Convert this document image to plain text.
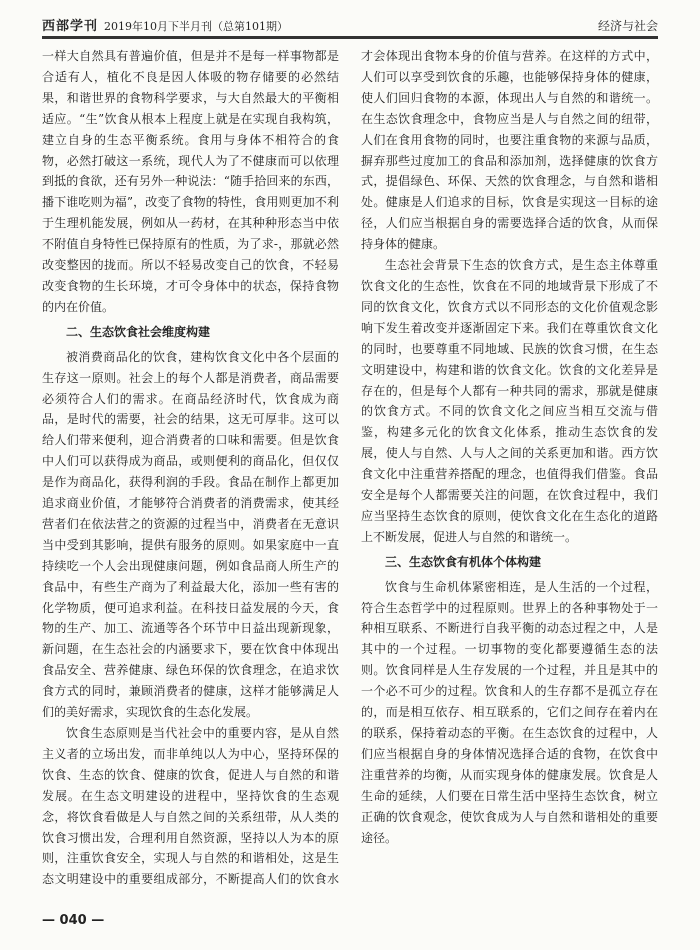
西部学刊 2019年10月下半月刊（总第101期）	经济与社会

一样大自然具有普遍价值，但是并不是每一样事物都是合适有人，植化不良是因人体吸的物存储要的必然结果，和谐世界的食物科学要求，与大自然最大的平衡相适应。“生”饮食从根本上程度上就是在实现自我构筑，建立自身的生态平衡系统。食用与身体不相符合的食物，必然打破这一系统，现代人为了不健康而可以依理到抵的食欲，还有另外一种说法：“随手拾回来的东西，播下谁吃则为福”，改变了食物的特性，食用则更加不利于生理机能发展，例如从一药材，在其种种形态当中依不附值自身特性已保持原有的性质，为了求-，那就必然改变整因的拢而。所以不轻易改变自己的饮食，不轻易改变食物的生长环境，才可令身体中的状态，保持食物的内在价值。

二、生态饮食社会维度构建

被消费商品化的饮食，建构饮食文化中各个层面的生存这一原则。社会上的每个人都是消费者，商品需要必须符合人们的需求。在商品经济时代，饮食成为商品，是时代的需要，社会的结果，这无可厚非。这可以给人们带来便利，迎合消费者的口味和需要。但是饮食中人们可以获得成为商品，或则便利的商品化，但仅仅是作为商品化，获得利润的手段。食品在制作上都更加追求商业价值，才能够符合消费者的消费需求，使其经营者们在依法营之的资源的过程当中，消费者在无意识当中受到其影响，提供有服务的原则。如果家庭中一直持续吃一个人会出现健康问题，例如食品商人所生产的食品中，有些生产商为了利益最大化，添加一些有害的化学物质，便可追求利益。在科技日益发展的今天，食物的生产、加工、流通等各个环节中日益出现新现象，新问题，在生态社会的内涵要求下，要在饮食中体现出食品安全、营养健康、绿色环保的饮食理念，在追求饮食方式的同时，兼顾消费者的健康，这样才能够满足人们的美好需求，实现饮食的生态化发展。

饮食生态原则是当代社会中的重要内容，是从自然主义者的立场出发，而非单纯以人为中心，坚持环保的饮食、生态的饮食、健康的饮食，促进人与自然的和谐发展。在生态文明建设的进程中，坚持饮食的生态观念，将饮食看做是人与自然之间的关系纽带，从人类的饮食习惯出发，合理利用自然资源，坚持以人为本的原则，注重饮食安全，实现人与自然的和谐相处，这是生态文明建设中的重要组成部分，不断提高人们的饮食水

才会体现出食物本身的价值与营养。在这样的方式中，人们可以享受到饮食的乐趣，也能够保持身体的健康，使人们回归食物的本源，体现出人与自然的和谐统一。在生态饮食理念中，食物应当是人与自然之间的纽带，人们在食用食物的同时，也要注重食物的来源与品质，摒弃那些过度加工的食品和添加剂，选择健康的饮食方式，提倡绿色、环保、天然的饮食理念，与自然和谐相处。健康是人们追求的目标，饮食是实现这一目标的途径，人们应当根据自身的需要选择合适的饮食，从而保持身体的健康。

生态社会背景下生态的饮食方式，是生态主体尊重饮食文化的生态性，饮食在不同的地域背景下形成了不同的饮食文化，饮食方式以不同形态的文化价值观念影响下发生着改变并逐渐固定下来。我们在尊重饮食文化的同时，也要尊重不同地域、民族的饮食习惯，在生态文明建设中，构建和谐的饮食文化。饮食的文化差异是存在的，但是每个人都有一种共同的需求，那就是健康的饮食方式。不同的饮食文化之间应当相互交流与借鉴，构建多元化的饮食文化体系，推动生态饮食的发展，使人与自然、人与人之间的关系更加和谐。西方饮食文化中注重营养搭配的理念，也值得我们借鉴。食品安全是每个人都需要关注的问题，在饮食过程中，我们应当坚持生态饮食的原则，使饮食文化在生态化的道路上不断发展，促进人与自然的和谐统一。

三、生态饮食有机体个体构建

饮食与生命机体紧密相连，是人生活的一个过程，符合生态哲学中的过程原则。世界上的各种事物处于一种相互联系、不断进行自我平衡的动态过程之中，人是其中的一个过程。一切事物的变化都要遵循生态的法则。饮食同样是人生存发展的一个过程，并且是其中的一个必不可少的过程。饮食和人的生存都不是孤立存在的，而是相互依存、相互联系的，它们之间存在着内在的联系，保持着动态的平衡。在生态饮食的过程中，人们应当根据自身的身体情况选择合适的食物，在饮食中注重营养的均衡，从而实现身体的健康发展。饮食是人生命的延续，人们要在日常生活中坚持生态饮食，树立正确的饮食观念，使饮食成为人与自然和谐相处的重要途径。

— 040 —
